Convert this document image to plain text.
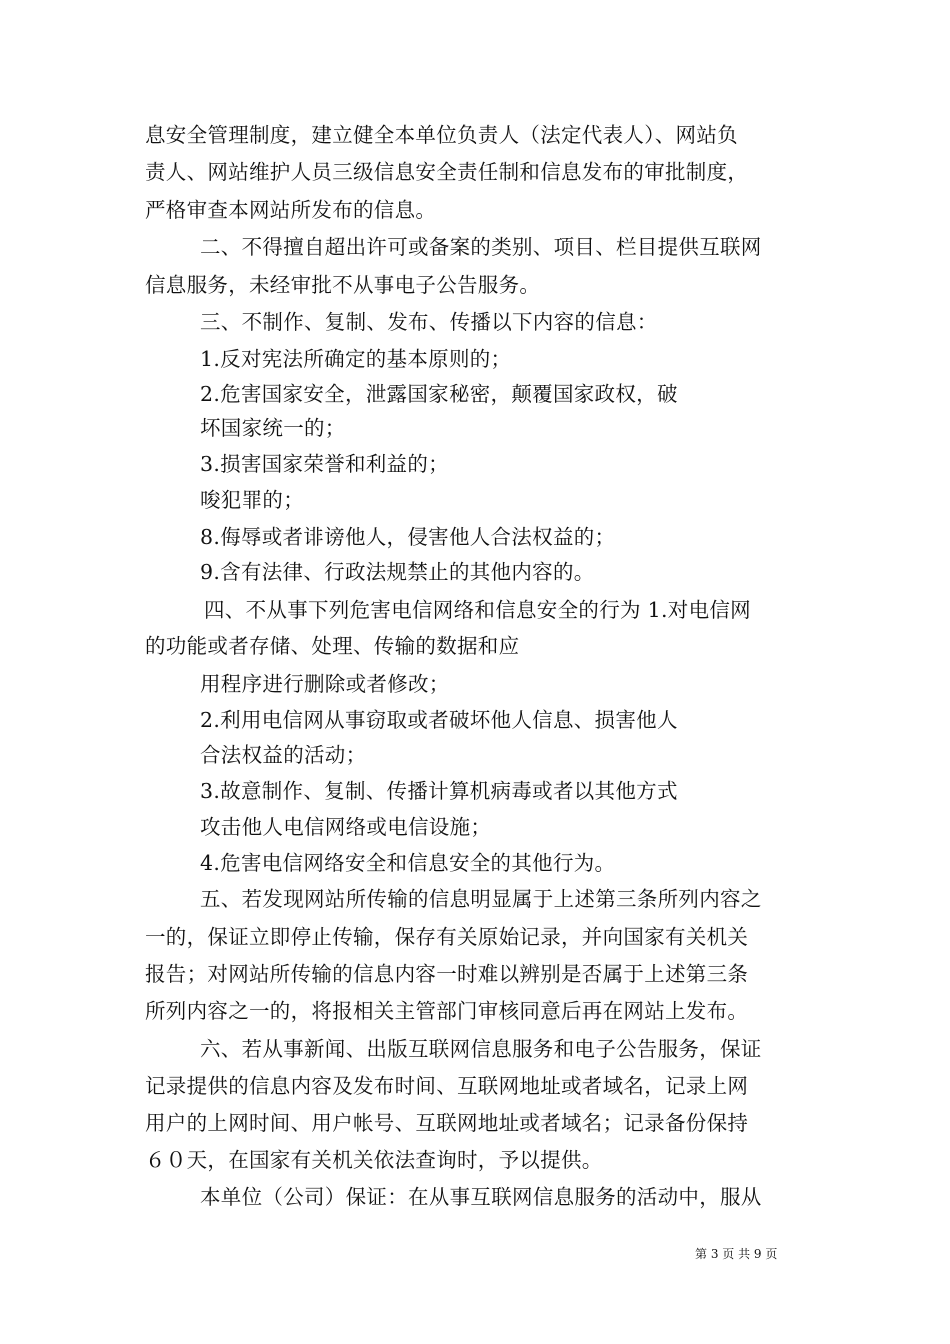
息安全管理制度，建立健全本单位负责人（法定代表人）、网站负
责人、网站维护人员三级信息安全责任制和信息发布的审批制度，
严格审查本网站所发布的信息。
二、不得擅自超出许可或备案的类别、项目、栏目提供互联网
信息服务，未经审批不从事电子公告服务。
三、不制作、复制、发布、传播以下内容的信息：
1.反对宪法所确定的基本原则的；
2.危害国家安全，泄露国家秘密，颠覆国家政权，破
坏国家统一的；
3.损害国家荣誉和利益的；
唆犯罪的；
8.侮辱或者诽谤他人，侵害他人合法权益的；
9.含有法律、行政法规禁止的其他内容的。
四、不从事下列危害电信网络和信息安全的行为 1.对电信网
的功能或者存储、处理、传输的数据和应
用程序进行删除或者修改；
2.利用电信网从事窃取或者破坏他人信息、损害他人
合法权益的活动；
3.故意制作、复制、传播计算机病毒或者以其他方式
攻击他人电信网络或电信设施；
4.危害电信网络安全和信息安全的其他行为。
五、若发现网站所传输的信息明显属于上述第三条所列内容之
一的，保证立即停止传输，保存有关原始记录，并向国家有关机关
报告；对网站所传输的信息内容一时难以辨别是否属于上述第三条
所列内容之一的，将报相关主管部门审核同意后再在网站上发布。
六、若从事新闻、出版互联网信息服务和电子公告服务，保证
记录提供的信息内容及发布时间、互联网地址或者域名，记录上网
用户的上网时间、用户帐号、互联网地址或者域名；记录备份保持
６０天，在国家有关机关依法查询时，予以提供。
本单位（公司）保证：在从事互联网信息服务的活动中，服从
第 3 页 共 9 页
